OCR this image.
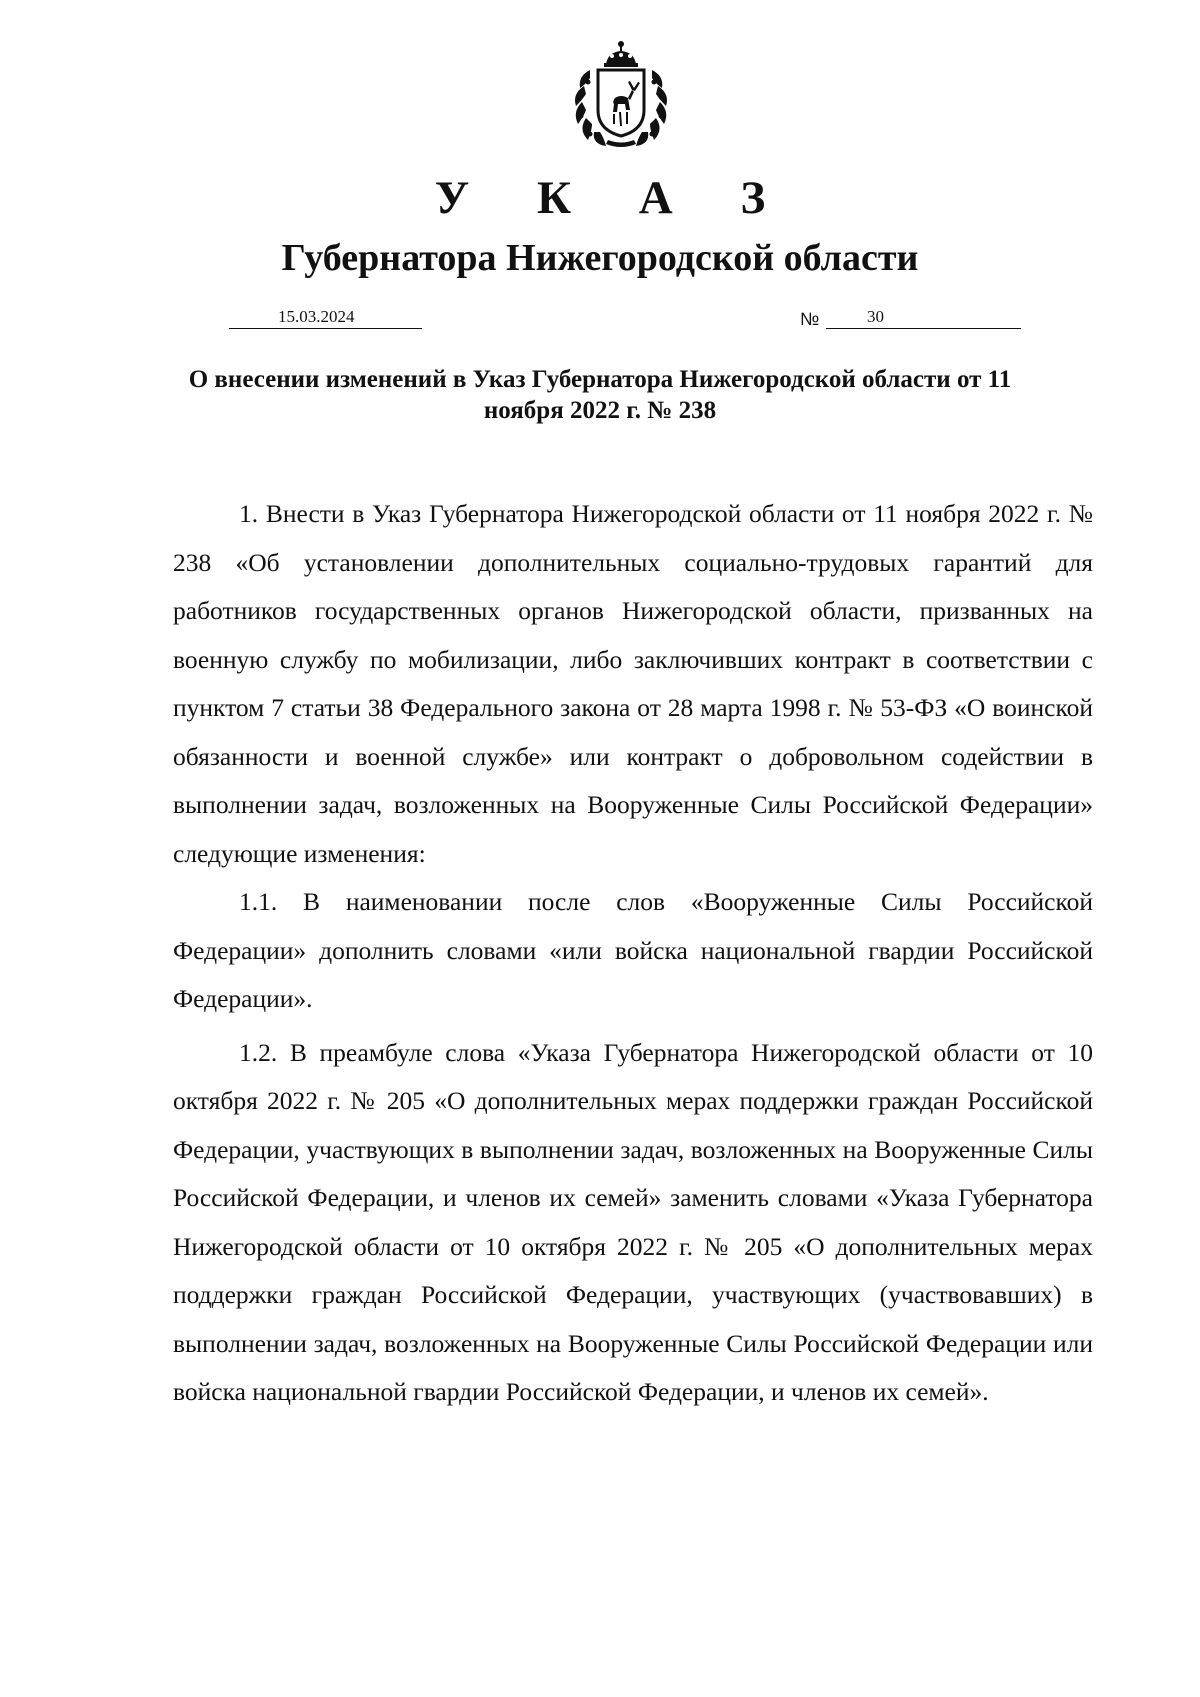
У К А З
Губернатора Нижегородской области
15.03.2024	№	30
О внесении изменений в Указ Губернатора Нижегородской области от 11 ноября 2022 г. № 238

1. Внести в Указ Губернатора Нижегородской области от 11 ноября 2022 г. № 238 «Об установлении дополнительных социально-трудовых гарантий для работников государственных органов Нижегородской области, призванных на военную службу по мобилизации, либо заключивших контракт в соответствии с пунктом 7 статьи 38 Федерального закона от 28 марта 1998 г. № 53-ФЗ «О воинской обязанности и военной службе» или контракт о добровольном содействии в выполнении задач, возложенных на Вооруженные Силы Российской Федерации» следующие изменения:

1.1. В наименовании после слов «Вооруженные Силы Российской Федерации» дополнить словами «или войска национальной гвардии Российской Федерации».

1.2. В преамбуле слова «Указа Губернатора Нижегородской области от 10 октября 2022 г. № 205 «О дополнительных мерах поддержки граждан Российской Федерации, участвующих в выполнении задач, возложенных на Вооруженные Силы Российской Федерации, и членов их семей» заменить словами «Указа Губернатора Нижегородской области от 10 октября 2022 г. № 205 «О дополнительных мерах поддержки граждан Российской Федерации, участвующих (участвовавших) в выполнении задач, возложенных на Вооруженные Силы Российской Федерации или войска национальной гвардии Российской Федерации, и членов их семей».
